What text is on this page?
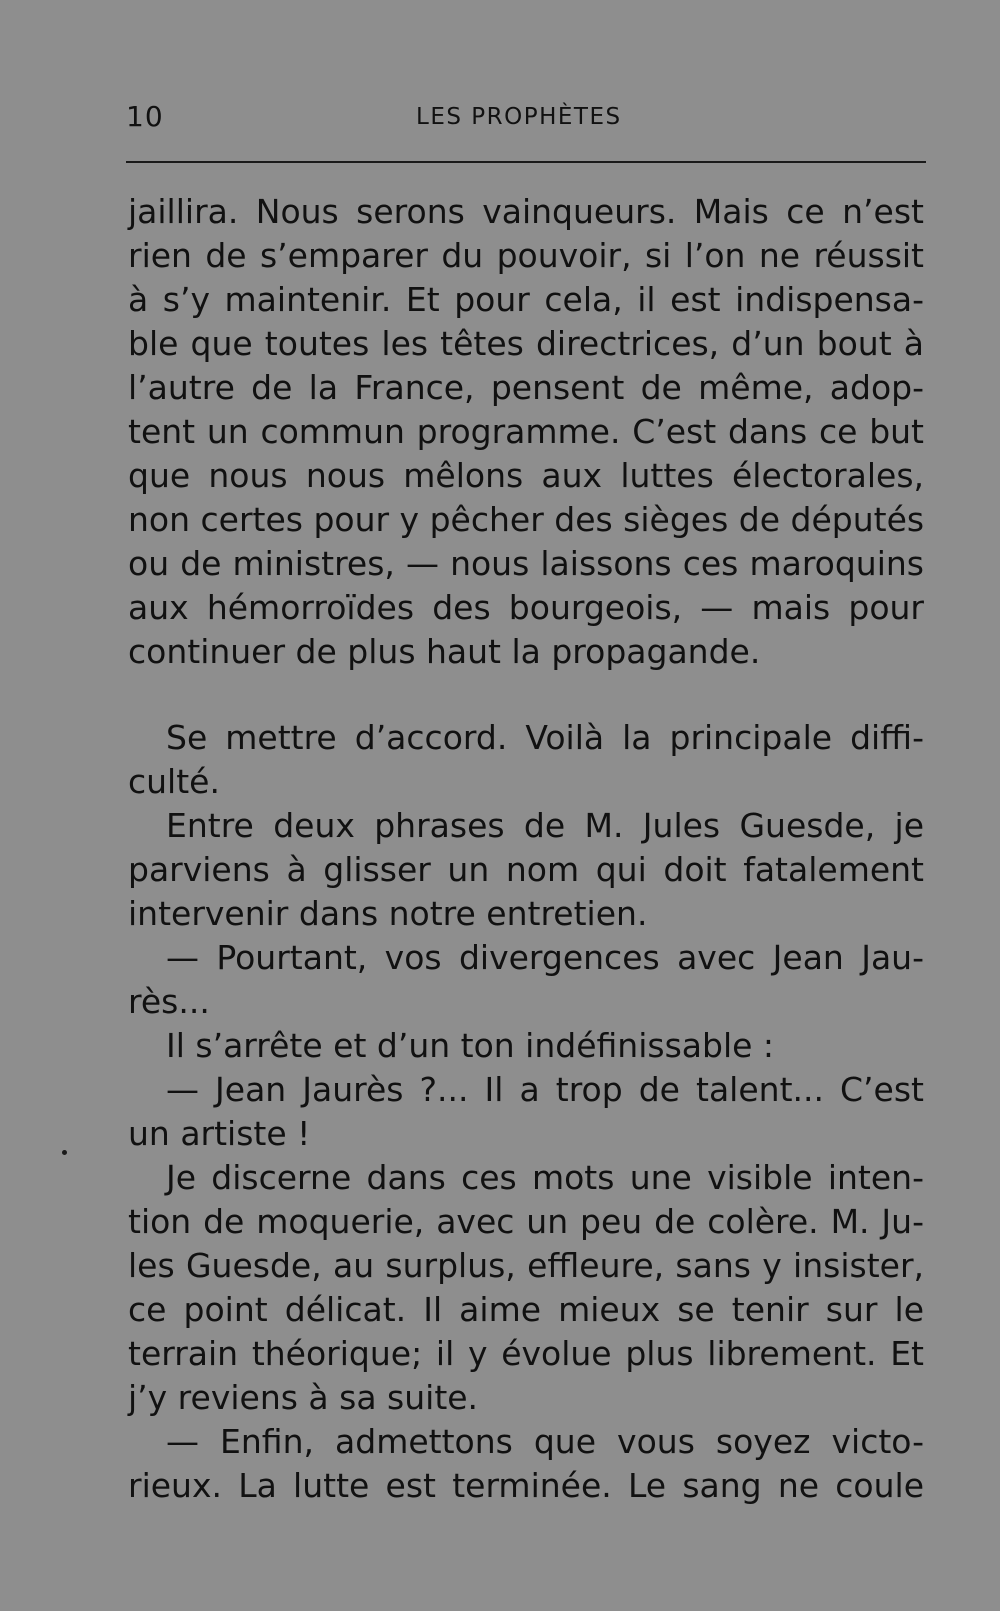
10	LES PROPHÈTES
jaillira. Nous serons vainqueurs. Mais ce n’est
rien de s’emparer du pouvoir, si l’on ne réussit
à s’y maintenir. Et pour cela, il est indispensa-
ble que toutes les têtes directrices, d’un bout à
l’autre de la France, pensent de même, adop-
tent un commun programme. C’est dans ce but
que nous nous mêlons aux luttes électorales,
non certes pour y pêcher des sièges de députés
ou de ministres, — nous laissons ces maroquins
aux hémorroïdes des bourgeois, — mais pour
continuer de plus haut la propagande.
Se mettre d’accord. Voilà la principale diffi-
culté.
Entre deux phrases de M. Jules Guesde, je
parviens à glisser un nom qui doit fatalement
intervenir dans notre entretien.
— Pourtant, vos divergences avec Jean Jau-
rès...
Il s’arrête et d’un ton indéfinissable :
— Jean Jaurès ?... Il a trop de talent... C’est
un artiste !
Je discerne dans ces mots une visible inten-
tion de moquerie, avec un peu de colère. M. Ju-
les Guesde, au surplus, effleure, sans y insister,
ce point délicat. Il aime mieux se tenir sur le
terrain théorique; il y évolue plus librement. Et
j’y reviens à sa suite.
— Enfin, admettons que vous soyez victo-
rieux. La lutte est terminée. Le sang ne coule
